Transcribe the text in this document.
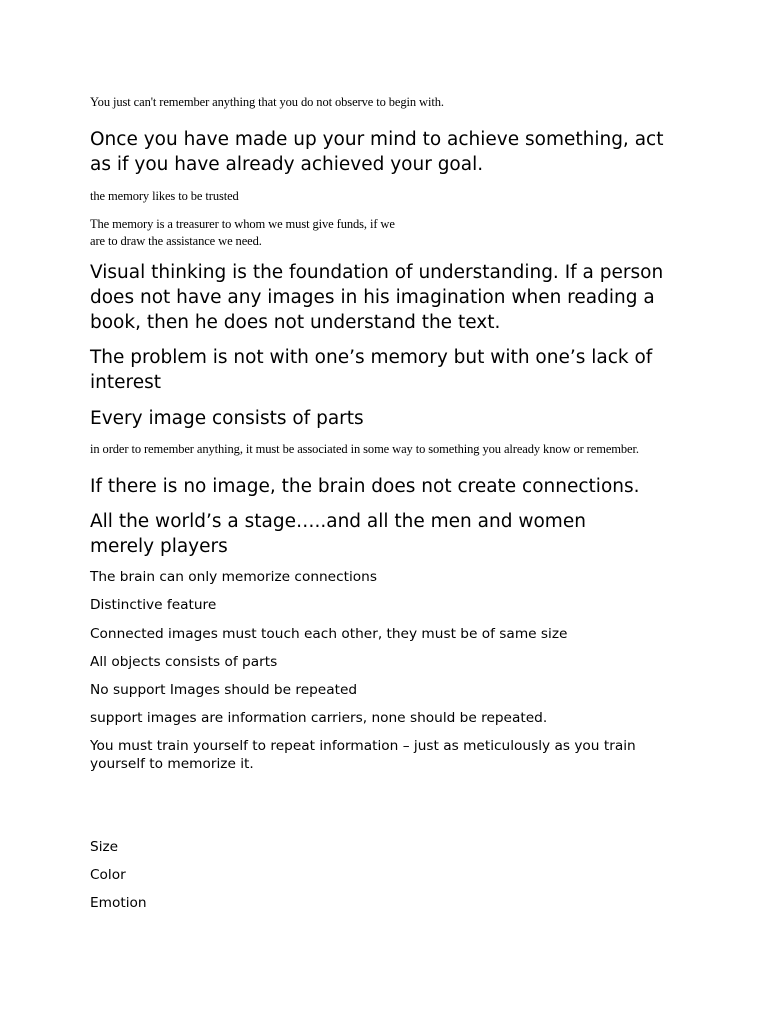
You just can't remember anything that you do not observe to begin with.

Once you have made up your mind to achieve something, act as if you have already achieved your goal.

the memory likes to be trusted

The memory is a treasurer to whom we must give funds, if we

are to draw the assistance we need.

Visual thinking is the foundation of understanding. If a person does not have any images in his imagination when reading a book, then he does not understand the text.

The problem is not with one’s memory but with one’s lack of interest

Every image consists of parts

in order to remember anything, it must be associated in some way to something you already know or remember.

If there is no image, the brain does not create connections.

All the world’s a stage…..and all the men and women merely players

The brain can only memorize connections

Distinctive feature

Connected images must touch each other, they must be of same size

All objects consists of parts

No support Images should be repeated

support images are information carriers, none should be repeated.

You must train yourself to repeat information – just as meticulously as you train yourself to memorize it.

Size

Color

Emotion
